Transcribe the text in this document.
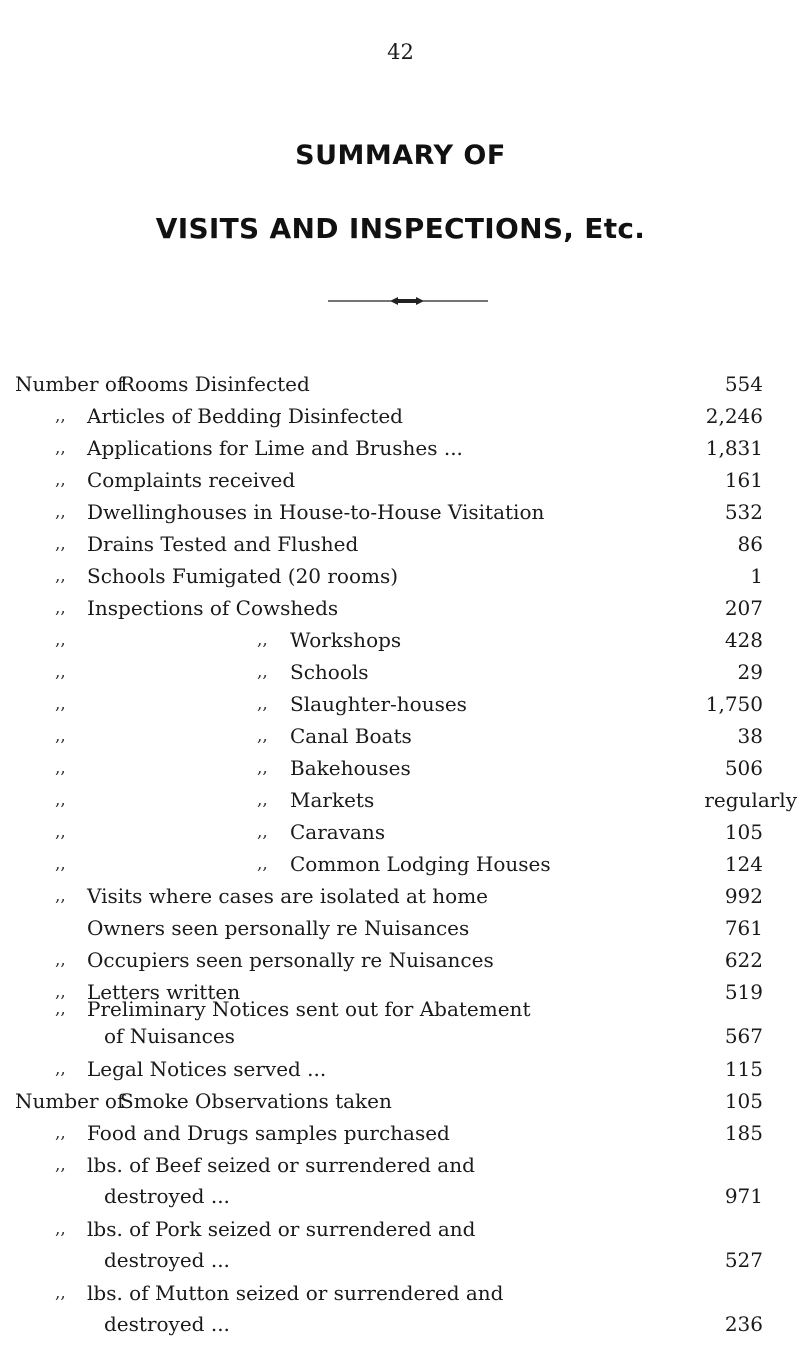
42
SUMMARY OF
VISITS AND INSPECTIONS, Etc.
Number of
Rooms Disinfected	554
,,	Articles of Bedding Disinfected	2,246
,,	Applications for Lime and Brushes ...	1,831
,,	Complaints received	161
,,	Dwellinghouses in House-to-House Visitation	532
,,	Drains Tested and Flushed	86
,,	Schools Fumigated (20 rooms)	1
,,	Inspections of Cowsheds	207
,,	,, Workshops	428
,,	,, Schools	29
,,	,, Slaughter-houses	1,750
,,	,, Canal Boats	38
,,	,, Bakehouses	506
,,	,, Markets	regularly
,,	,, Caravans	105
,,	,, Common Lodging Houses	124
,,	Visits where cases are isolated at home	992
Owners seen personally re Nuisances	761
,,	Occupiers seen personally re Nuisances	622
,,	Letters written	519
,,	Preliminary Notices sent out for Abatement
of Nuisances	567
,,	Legal Notices served ...	115
Number of
Smoke Observations taken	105
,,	Food and Drugs samples purchased	185
,,	lbs. of Beef seized or surrendered and
destroyed ...	971
,,	lbs. of Pork seized or surrendered and
destroyed ...	527
,,	lbs. of Mutton seized or surrendered and
destroyed ...	236
